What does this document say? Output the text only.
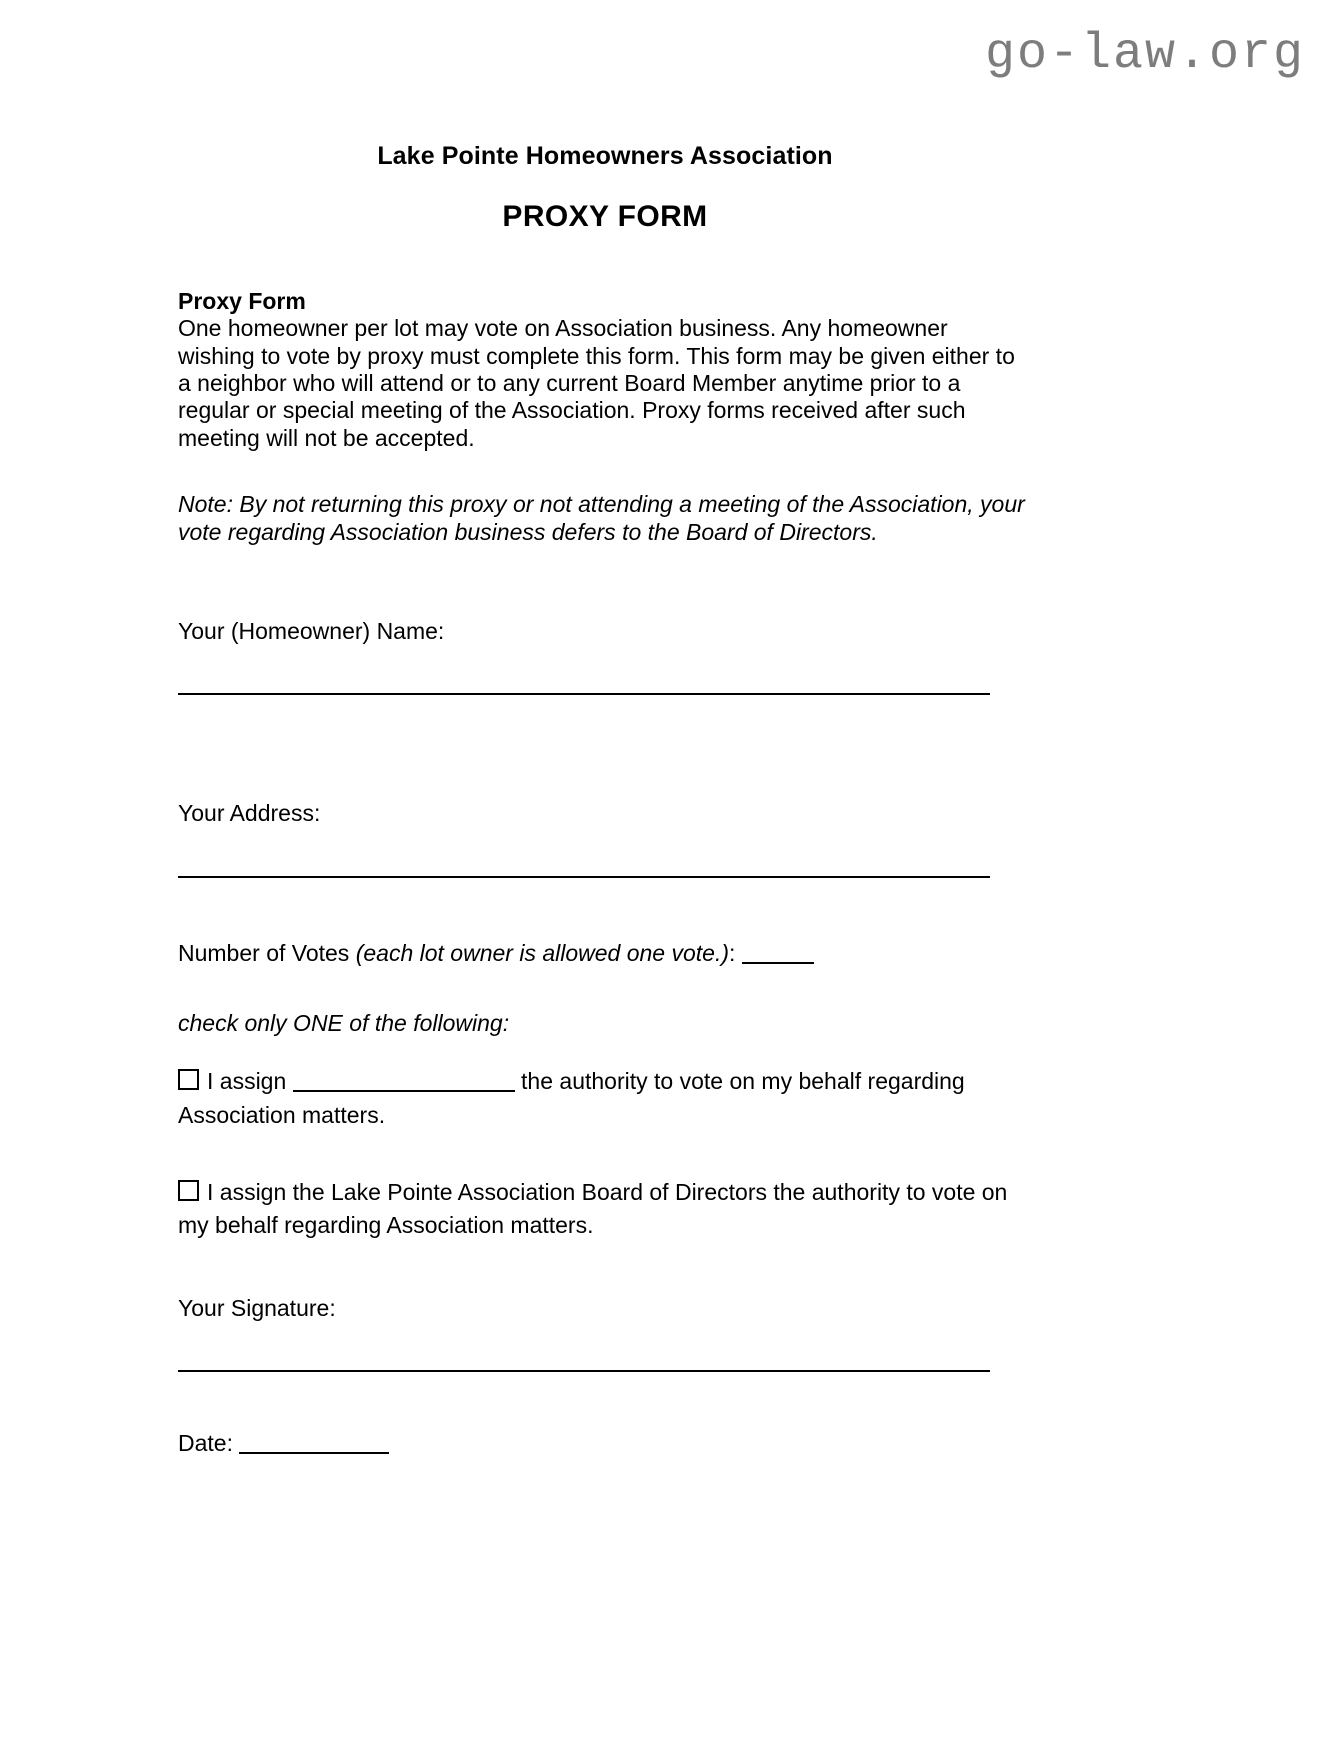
go-law.org
Lake Pointe Homeowners Association
PROXY FORM

Proxy Form

One homeowner per lot may vote on Association business. Any homeowner wishing to vote by proxy must complete this form. This form may be given either to a neighbor who will attend or to any current Board Member anytime prior to a regular or special meeting of the Association. Proxy forms received after such meeting will not be accepted.

Note: By not returning this proxy or not attending a meeting of the Association, your vote regarding Association business defers to the Board of Directors.

Your (Homeowner) Name:

Your Address:

Number of Votes (each lot owner is allowed one vote.):

check only ONE of the following:

I assign	the authority to vote on my behalf regarding Association matters.

I assign the Lake Pointe Association Board of Directors the authority to vote on my behalf regarding Association matters.

Your Signature:

Date:
